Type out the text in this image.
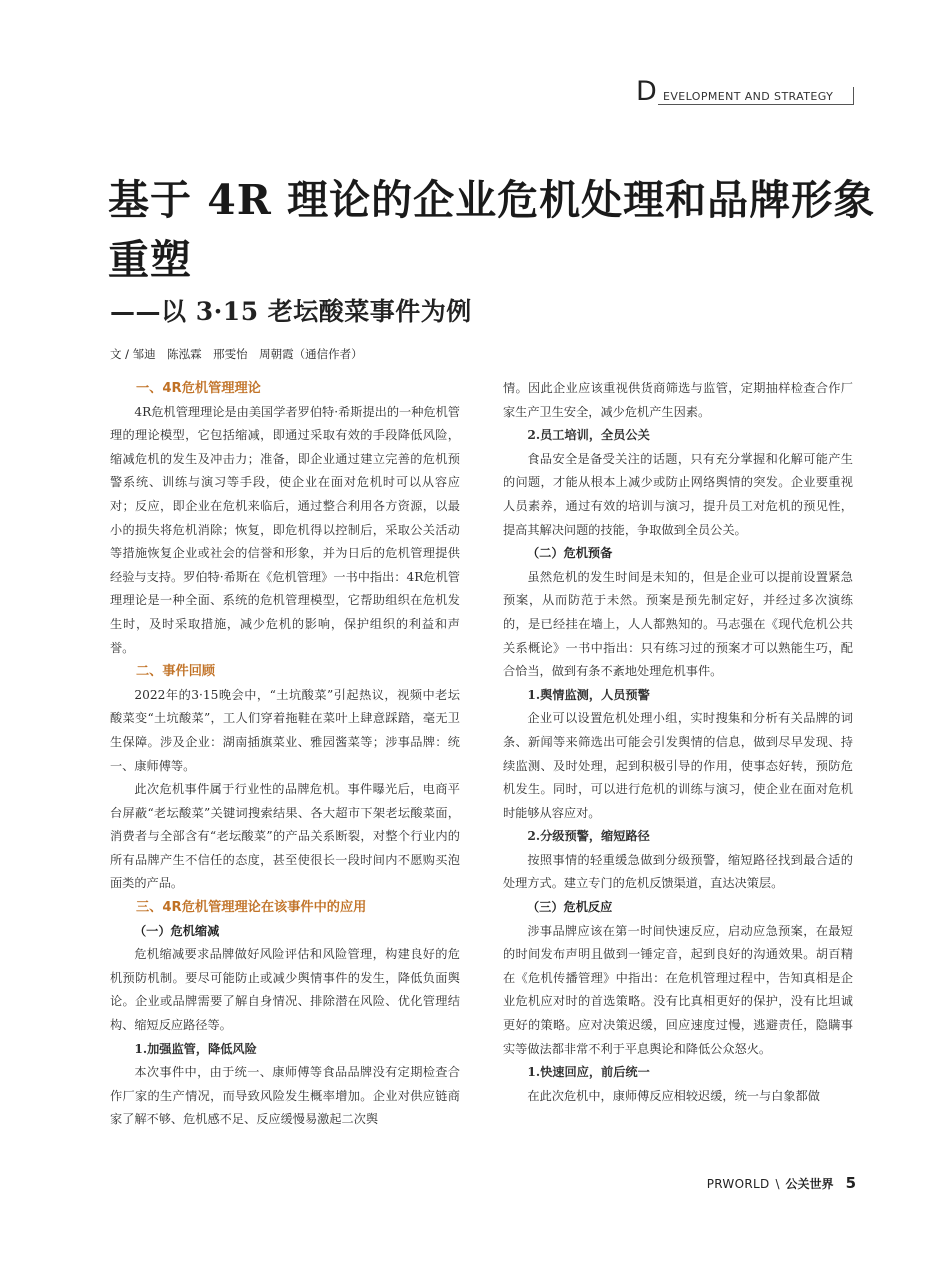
D EVELOPMENT AND STRATEGY
基于 4R 理论的企业危机处理和品牌形象重塑
——以 3·15 老坛酸菜事件为例
文 / 邹迪　陈泓霖　邢雯怡　周朝霞（通信作者）
一、4R危机管理理论

4R危机管理理论是由美国学者罗伯特·希斯提出的一种危机管理的理论模型，它包括缩减，即通过采取有效的手段降低风险，缩减危机的发生及冲击力；准备，即企业通过建立完善的危机预警系统、训练与演习等手段，使企业在面对危机时可以从容应对；反应，即企业在危机来临后，通过整合利用各方资源，以最小的损失将危机消除；恢复，即危机得以控制后，采取公关活动等措施恢复企业或社会的信誉和形象，并为日后的危机管理提供经验与支持。罗伯特·希斯在《危机管理》一书中指出：4R危机管理理论是一种全面、系统的危机管理模型，它帮助组织在危机发生时，及时采取措施，减少危机的影响，保护组织的利益和声誉。

二、事件回顾

2022年的3·15晚会中，“土坑酸菜”引起热议，视频中老坛酸菜变“土坑酸菜”，工人们穿着拖鞋在菜叶上肆意踩踏，毫无卫生保障。涉及企业：湖南插旗菜业、雅园酱菜等；涉事品牌：统一、康师傅等。

此次危机事件属于行业性的品牌危机。事件曝光后，电商平台屏蔽“老坛酸菜”关键词搜索结果、各大超市下架老坛酸菜面，消费者与全部含有“老坛酸菜”的产品关系断裂，对整个行业内的所有品牌产生不信任的态度，甚至使很长一段时间内不愿购买泡面类的产品。

三、4R危机管理理论在该事件中的应用
（一）危机缩减

危机缩减要求品牌做好风险评估和风险管理，构建良好的危机预防机制。要尽可能防止或减少舆情事件的发生，降低负面舆论。企业或品牌需要了解自身情况、排除潜在风险、优化管理结构、缩短反应路径等。

1.加强监管，降低风险

本次事件中，由于统一、康师傅等食品品牌没有定期检查合作厂家的生产情况，而导致风险发生概率增加。企业对供应链商家了解不够、危机感不足、反应缓慢易激起二次舆

情。因此企业应该重视供货商筛选与监管，定期抽样检查合作厂家生产卫生安全，减少危机产生因素。

2.员工培训，全员公关

食品安全是备受关注的话题，只有充分掌握和化解可能产生的问题，才能从根本上减少或防止网络舆情的突发。企业要重视人员素养，通过有效的培训与演习，提升员工对危机的预见性，提高其解决问题的技能，争取做到全员公关。

（二）危机预备

虽然危机的发生时间是未知的，但是企业可以提前设置紧急预案，从而防范于未然。预案是预先制定好，并经过多次演练的，是已经挂在墙上，人人都熟知的。马志强在《现代危机公共关系概论》一书中指出：只有练习过的预案才可以熟能生巧，配合恰当，做到有条不紊地处理危机事件。

1.舆情监测，人员预警

企业可以设置危机处理小组，实时搜集和分析有关品牌的词条、新闻等来筛选出可能会引发舆情的信息，做到尽早发现、持续监测、及时处理，起到积极引导的作用，使事态好转，预防危机发生。同时，可以进行危机的训练与演习，使企业在面对危机时能够从容应对。

2.分级预警，缩短路径

按照事情的轻重缓急做到分级预警，缩短路径找到最合适的处理方式。建立专门的危机反馈渠道，直达决策层。

（三）危机反应

涉事品牌应该在第一时间快速反应，启动应急预案，在最短的时间发布声明且做到一锤定音，起到良好的沟通效果。胡百精在《危机传播管理》中指出：在危机管理过程中，告知真相是企业危机应对时的首选策略。没有比真相更好的保护，没有比坦诚更好的策略。应对决策迟缓，回应速度过慢，逃避责任，隐瞒事实等做法都非常不利于平息舆论和降低公众怒火。

1.快速回应，前后统一

在此次危机中，康师傅反应相较迟缓，统一与白象都做

PRWORLD \ 公关世界 5
